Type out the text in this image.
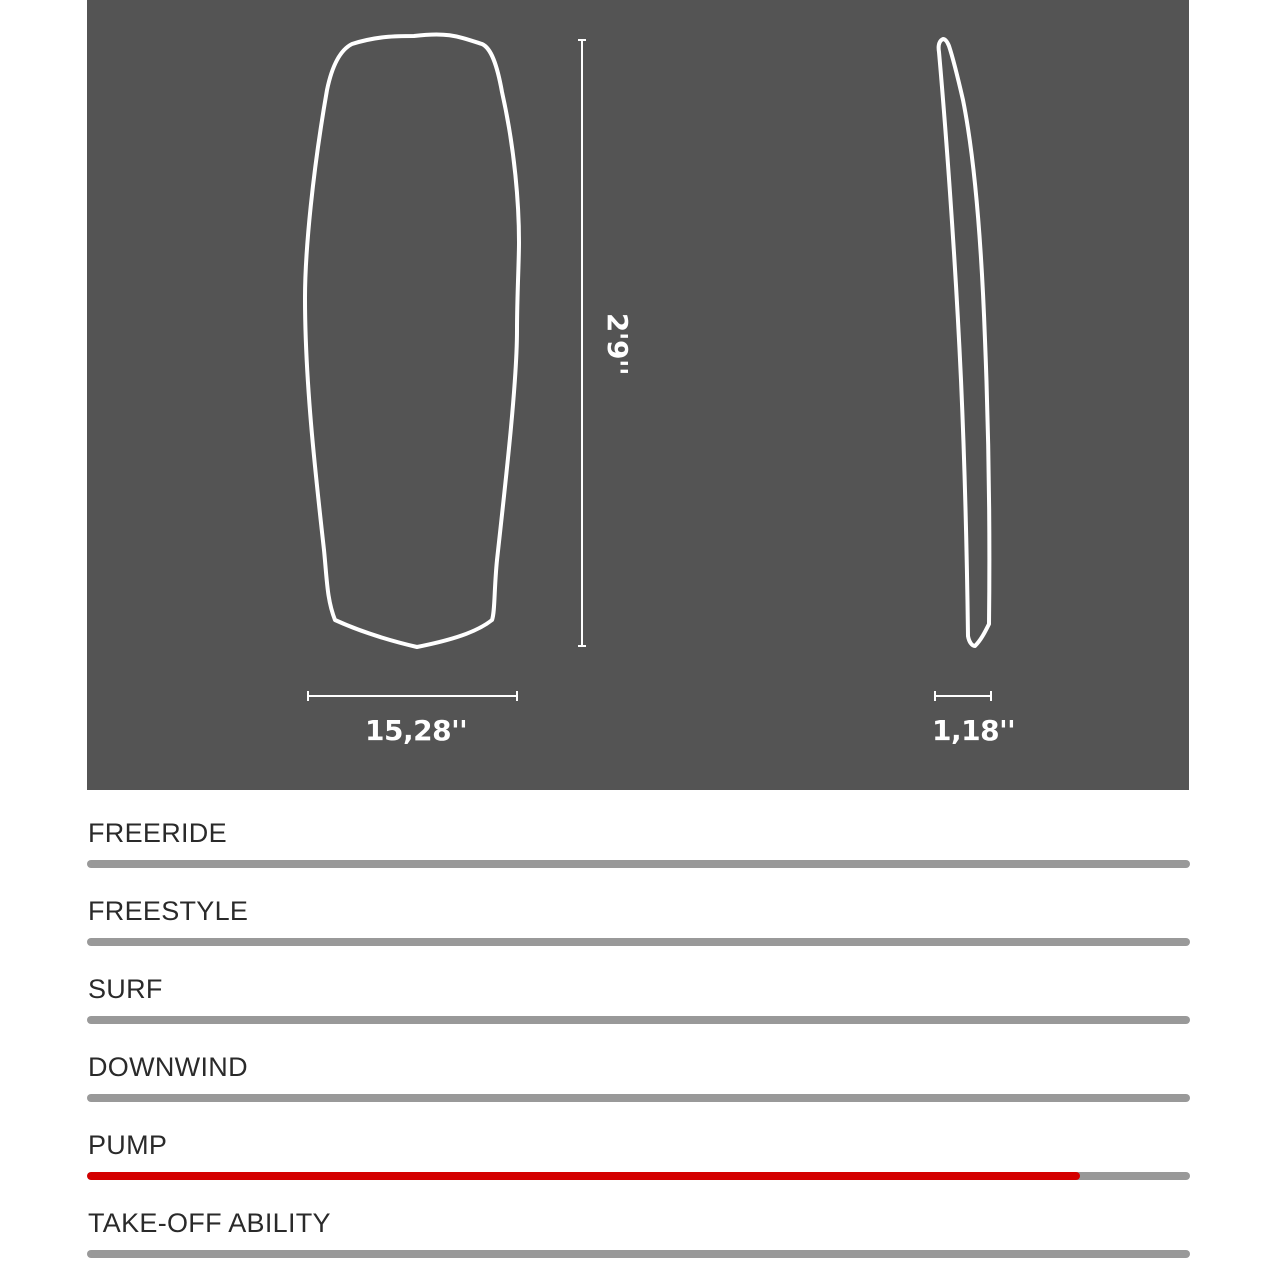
15,28''
2'9''
1,18''
FREERIDE
FREESTYLE
SURF
DOWNWIND
PUMP
TAKE-OFF ABILITY
